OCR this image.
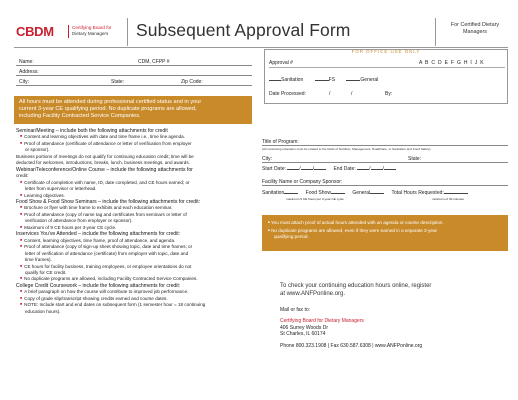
CBDM	Certifying Board for
Dietary Managers Subsequent Approval Form	For Certified Dietary
Managers
Name:	CDM, CFPP #
Address:
City:	State:	Zip Code:
FOR OFFICE USE ONLY
Approval #	A B C D E F G H I J K
Sanitation	FS	General
Date Processed:	/	/	By:
All hours must be attended during professional certified status and in your
current 3-year CE qualifying period. No duplicate programs are allowed,
including Facility Contracted Service Companies.
Seminar/Meeting – include both the following attachments for credit
■ Content and learning objectives with date and time frame i.e., time line agenda.
■ Proof of attendance (certificate of attendance or letter of verification from employer
or sponsor).
Business portions of meetings do not qualify for continuing education credit; time will be
deducted for welcomes, introductions, breaks, lunch, business meetings, and awards.
Webinar/Teleconference/Online Course – include the following attachments for
credit:
■ Certificate of completion with name, ID, date completed, and CE hours earned; or
letter from supervisor or letterhead.
■ Learning objectives.
Food Show & Food Show Seminars – include the following attachments for credit:
■ Brochure or flyer with time frame to exhibits and each education seminar.
■ Proof of attendance (copy of name tag and certificates from seminars or letter of
verification of attendance from employer or sponsor).
■ Maximum of 9 CE hours per 3-year CE cycle.
Inservices You've Attended – include the following attachments for credit:
■ Content, learning objectives, time frame, proof of attendance, and agenda.
■ Proof of attendance (copy of sign-up sheet showing topic, date and time frames; or
letter of verification of attendance (certificate) from employer with topic, date and
time frames).
■ CE hours for facility business, training employees, or employee orientations do not
qualify for CE credit.
■ No duplicate programs are allowed, including Facility Contracted Service Companies.
College Credit Coursework – include the following attachments for credit:
■ A brief paragraph on how the course will contribute to improved job performance.
■ Copy of grade slip/transcript showing credits earned and course dates.
■ NOTE: Include start and end dates on subsequent form (1 semester hour = 18 continuing
education hours).
Title of Program:
(All continuing education must be related to the fields of Nutrition, Management, Healthcare, or Sanitation and Food Safety)
City:	State:
Start Date:	/ /	End Date:	/ /
Facility Name or Company Sponsor:
Sanitation	Food Show	General	Total Hours Requested:
maximum 9 CE hours per 3-year CE cycle	minimum of 30 minutes
■ You must attach proof of actual hours attended with an agenda or course description.
■ No duplicate programs are allowed, even if they were earned in a separate 3-year
qualifying period.
To check your continuing education hours online, register
at www.ANFPonline.org.
Mail or fax to:
Certifying Board for Dietary Managers
406 Surrey Woods Dr
St Charles, IL 60174
Phone 800.323.1908 | Fax 630.587.6308 | www.ANFPonline.org
